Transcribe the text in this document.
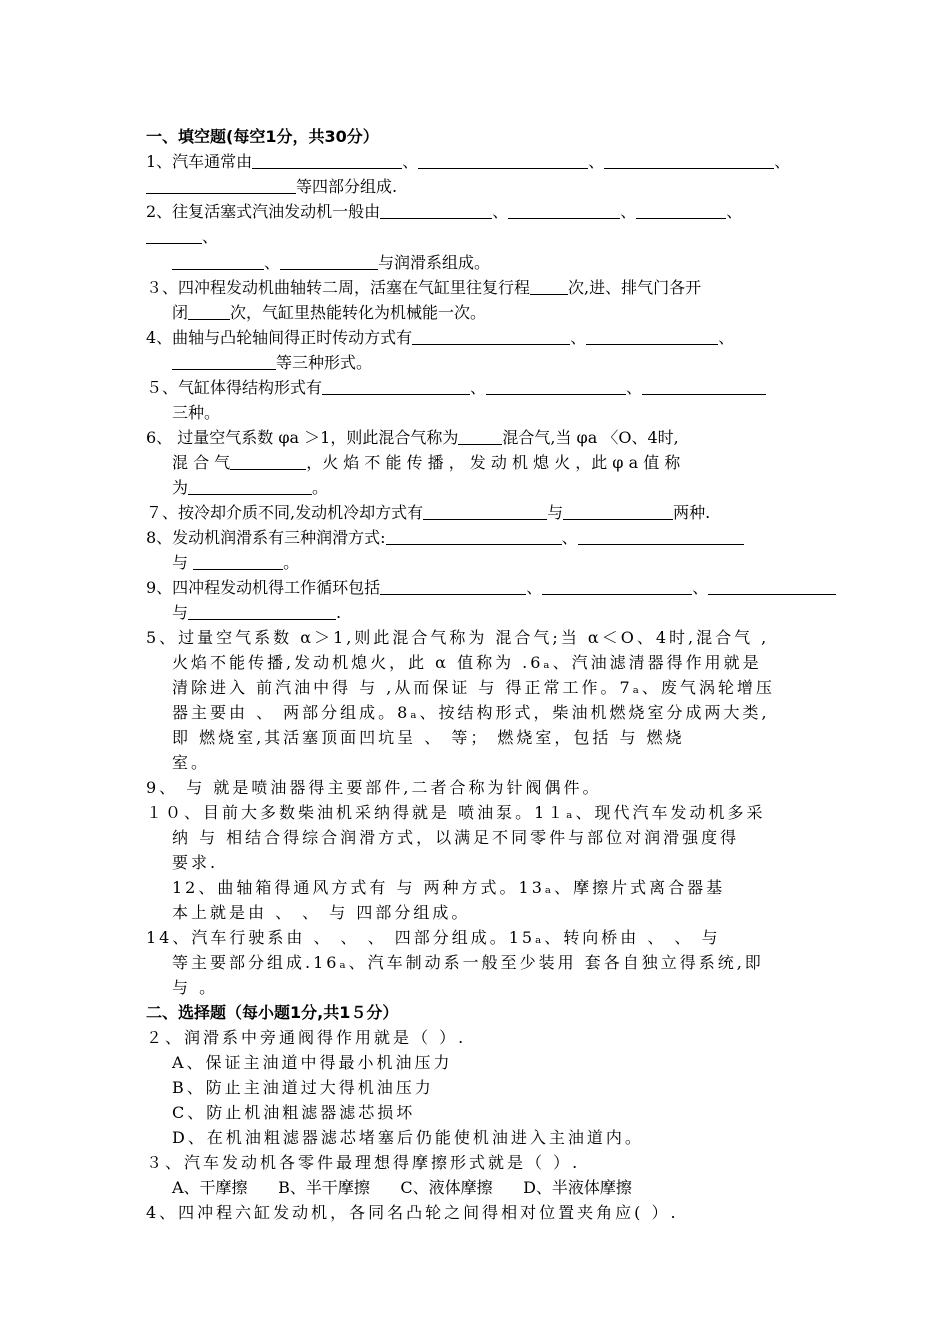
一、填空题(每空1分，共30分）
1、汽车通常由	、	、	、
等四部分组成.
2、往复活塞式汽油发动机一般由	、	、	、
、
、	与润滑系组成。
３、四冲程发动机曲轴转二周，活塞在气缸里往复行程 次,进、排气门各开
闭	次，气缸里热能转化为机械能一次。
4、曲轴与凸轮轴间得正时传动方式有	、	、
等三种形式。
５、气缸体得结构形式有	、	、
三种。
6、 过量空气系数 φa ＞1，则此混合气称为	混合气,当 φa 〈O、4时,
混 合 气	，火 焰 不 能 传 播 ， 发 动 机 熄 火 ，此 φ a 值 称
为	。
７、按冷却介质不同,发动机冷却方式有	与	两种.
8、发动机润滑系有三种润滑方式:	、
与	。
9、四冲程发动机得工作循环包括	、	、
与	.
5、过量空气系数 α＞1,则此混合气称为 混合气;当 α＜O、4时,混合气 ,
火焰不能传播,发动机熄火，此 α 值称为 .6ₐ、汽油滤清器得作用就是
清除进入 前汽油中得 与 ,从而保证 与 得正常工作。7ₐ、废气涡轮增压
器主要由 、 两部分组成。8ₐ、按结构形式，柴油机燃烧室分成两大类,
即 燃烧室,其活塞顶面凹坑呈 、 等； 燃烧室，包括 与 燃烧
室。
9、 与 就是喷油器得主要部件,二者合称为针阀偶件。
１０、目前大多数柴油机采纳得就是 喷油泵。1１ₐ、现代汽车发动机多采
纳 与 相结合得综合润滑方式，以满足不同零件与部位对润滑强度得
要求.
12、曲轴箱得通风方式有 与 两种方式。13ₐ、摩擦片式离合器基
本上就是由 、 、 与 四部分组成。
14、汽车行驶系由 、 、 、 四部分组成。15ₐ、转向桥由 、 、 与
等主要部分组成.16ₐ、汽车制动系一般至少装用 套各自独立得系统,即
与 。
二、选择题（每小题1分,共1５分）
２、润滑系中旁通阀得作用就是（ ）.
A、保证主油道中得最小机油压力
B、防止主油道过大得机油压力
C、防止机油粗滤器滤芯损坏
D、在机油粗滤器滤芯堵塞后仍能使机油进入主油道内。
３、汽车发动机各零件最理想得摩擦形式就是（ ）.
A、干摩擦      B、半干摩擦      C、液体摩擦      D、半液体摩擦
4、四冲程六缸发动机，各同名凸轮之间得相对位置夹角应( ）.
